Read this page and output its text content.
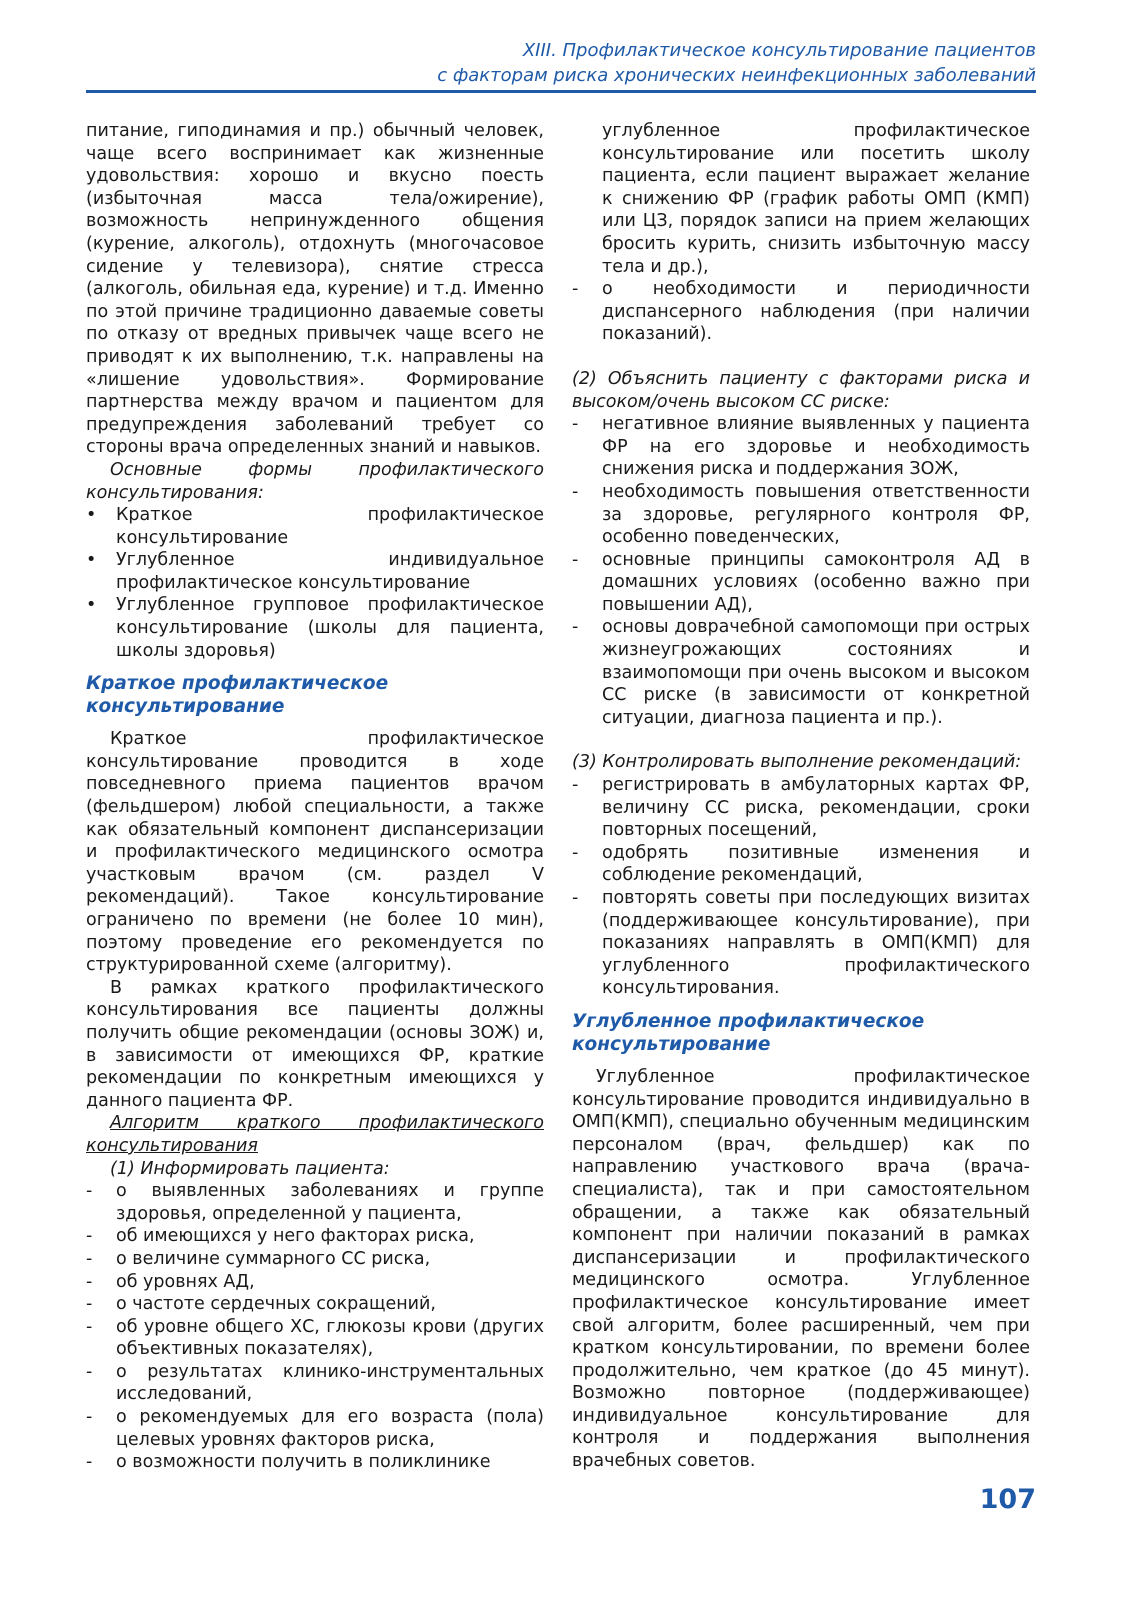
XIII. Профилактическое консультирование пациентов
с факторам риска хронических неинфекционных заболеваний

питание, гиподинамия и пр.) обычный человек, чаще всего воспринимает как жизненные удовольствия: хорошо и вкусно поесть (избыточная масса тела/ожирение), возможность непринужденного общения (курение, алкоголь), отдохнуть (многочасовое сидение у телевизора), снятие стресса (алкоголь, обильная еда, курение) и т.д. Именно по этой причине традиционно даваемые советы по отказу от вредных привычек чаще всего не приводят к их выполнению, т.к. направлены на «лишение удовольствия». Формирование партнерства между врачом и пациентом для предупреждения заболеваний требует со стороны врача определенных знаний и навыков.

Основные формы профилактического консультирования:

•	Краткое профилактическое консультирование
•	Углубленное индивидуальное профилактическое консультирование
•	Углубленное групповое профилактическое консультирование (школы для пациента, школы здоровья)
Краткое профилактическое консультирование

Краткое профилактическое консультирование проводится в ходе повседневного приема пациентов врачом (фельдшером) любой специальности, а также как обязательный компонент диспансеризации и профилактического медицинского осмотра участковым врачом (см. раздел V рекомендаций). Такое консультирование ограничено по времени (не более 10 мин), поэтому проведение его рекомендуется по структурированной схеме (алгоритму).

В рамках краткого профилактического консультирования все пациенты должны получить общие рекомендации (основы ЗОЖ) и, в зависимости от имеющихся ФР, краткие рекомендации по конкретным имеющихся у данного пациента ФР.

Алгоритм краткого профилактического консультирования

(1) Информировать пациента:

-	о выявленных заболеваниях и группе здоровья, определенной у пациента,
-	об имеющихся у него факторах риска,
-	о величине суммарного СС риска,
-	об уровнях АД,
-	о частоте сердечных сокращений,
-	об уровне общего ХС, глюкозы крови (других объективных показателях),
-	о результатах клинико-инструментальных исследований,
-	о рекомендуемых для его возраста (пола) целевых уровнях факторов риска,
-	о возможности получить в поликлинике
углубленное профилактическое консультирование или посетить школу пациента, если пациент выражает желание к снижению ФР (график работы ОМП (КМП) или ЦЗ, порядок записи на прием желающих бросить курить, снизить избыточную массу тела и др.),
-	о необходимости и периодичности диспансерного наблюдения (при наличии показаний).

(2) Объяснить пациенту с факторами риска и высоком/очень высоком СС риске:

-	негативное влияние выявленных у пациента ФР на его здоровье и необходимость снижения риска и поддержания ЗОЖ,
-	необходимость повышения ответственности за здоровье, регулярного контроля ФР, особенно поведенческих,
-	основные принципы самоконтроля АД в домашних условиях (особенно важно при повышении АД),
-	основы доврачебной самопомощи при острых жизнеугрожающих состояниях и взаимопомощи при очень высоком и высоком СС риске (в зависимости от конкретной ситуации, диагноза пациента и пр.).

(3) Контролировать выполнение рекомендаций:

-	регистрировать в амбулаторных картах ФР, величину СС риска, рекомендации, сроки повторных посещений,
-	одобрять позитивные изменения и соблюдение рекомендаций,
-	повторять советы при последующих визитах (поддерживающее консультирование), при показаниях направлять в ОМП(КМП) для углубленного профилактического консультирования.
Углубленное профилактическое консультирование

Углубленное профилактическое консультирование проводится индивидуально в ОМП(КМП), специально обученным медицинским персоналом (врач, фельдшер) как по направлению участкового врача (врача-специалиста), так и при самостоятельном обращении, а также как обязательный компонент при наличии показаний в рамках диспансеризации и профилактического медицинского осмотра. Углубленное профилактическое консультирование имеет свой алгоритм, более расширенный, чем при кратком консультировании, по времени более продолжительно, чем краткое (до 45 минут). Возможно повторное (поддерживающее) индивидуальное консультирование для контроля и поддержания выполнения врачебных советов.

107
